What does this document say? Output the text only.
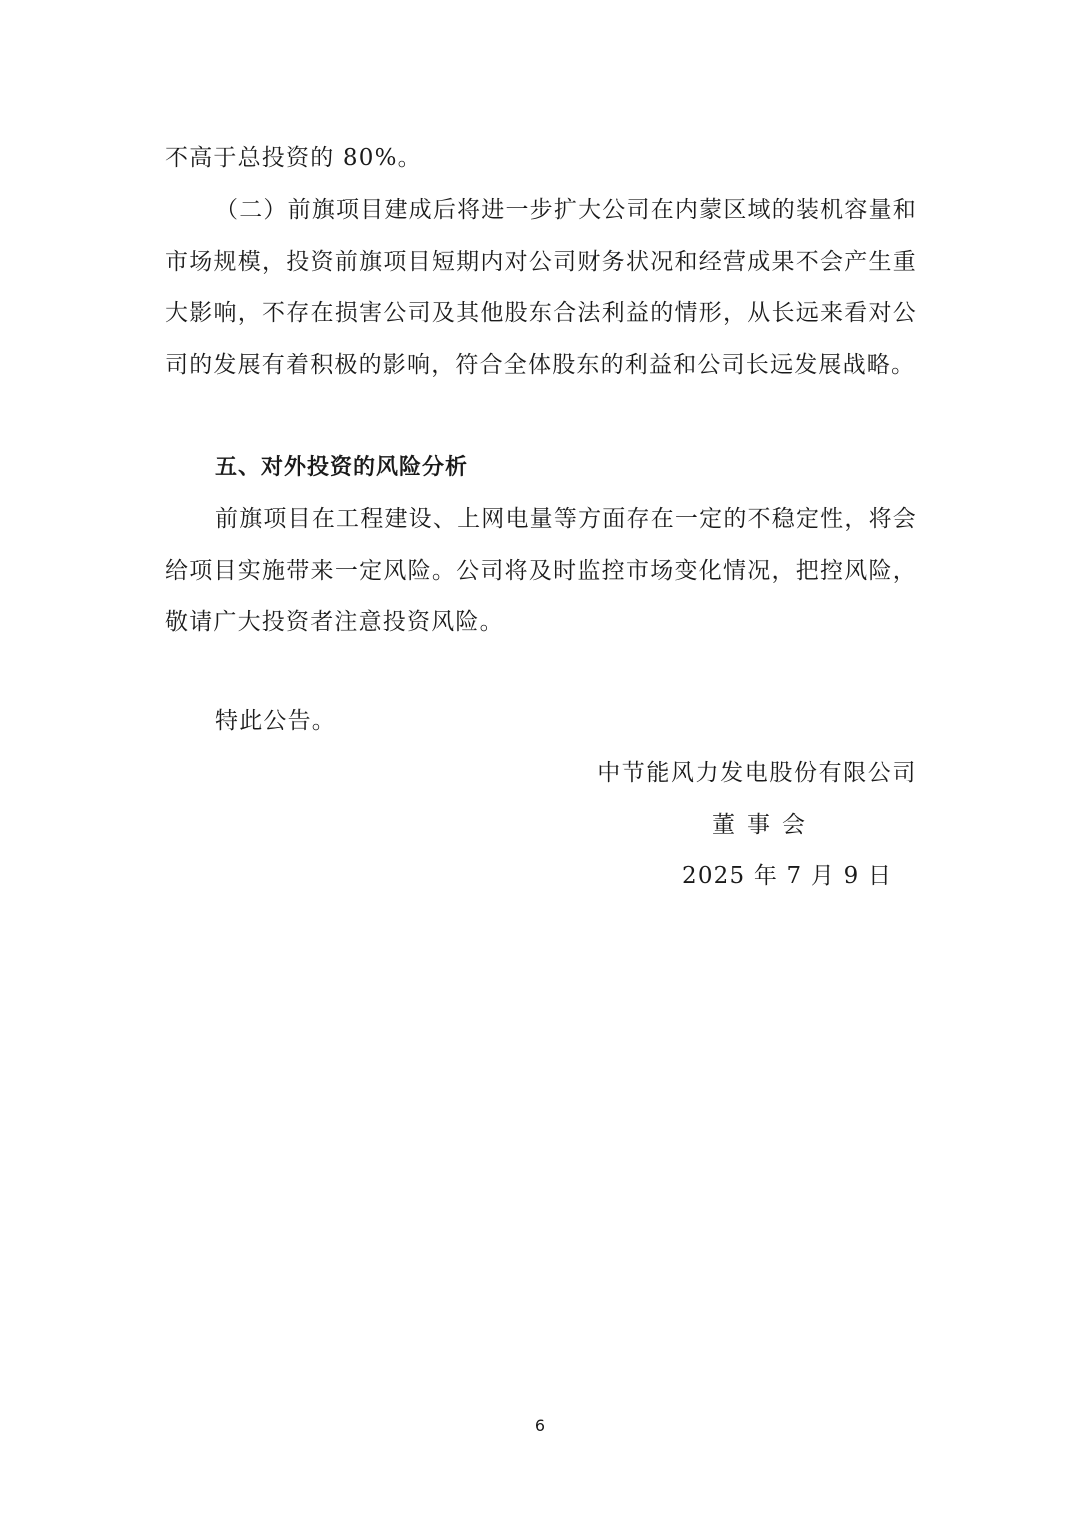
不高于总投资的 80%。

（二）前旗项目建成后将进一步扩大公司在内蒙区域的装机容量和市场规模，投资前旗项目短期内对公司财务状况和经营成果不会产生重大影响，不存在损害公司及其他股东合法利益的情形，从长远来看对公司的发展有着积极的影响，符合全体股东的利益和公司长远发展战略。

五、对外投资的风险分析

前旗项目在工程建设、上网电量等方面存在一定的不稳定性，将会给项目实施带来一定风险。公司将及时监控市场变化情况，把控风险，敬请广大投资者注意投资风险。

特此公告。

中节能风力发电股份有限公司

董事会

2025 年 7 月 9 日

6
